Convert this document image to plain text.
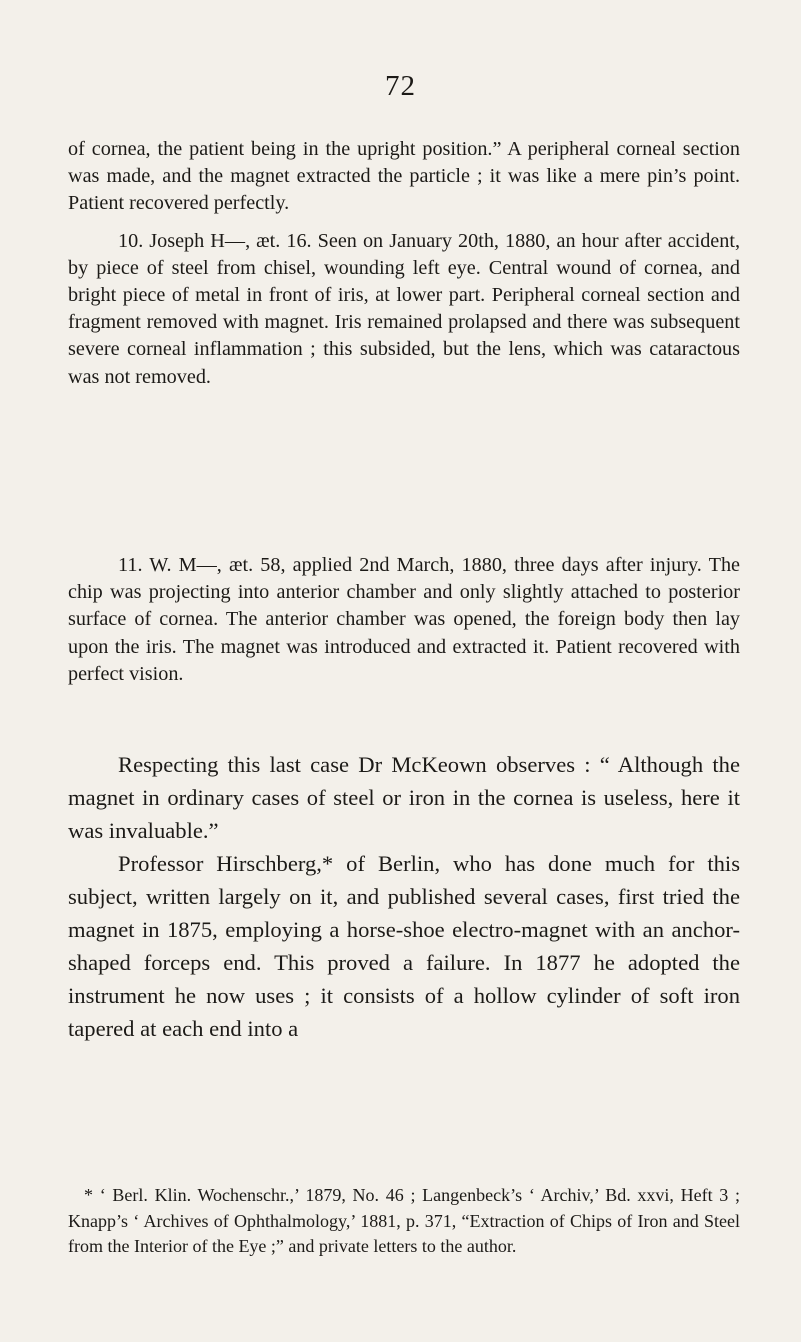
72

of cornea, the patient being in the upright position.” A peripheral corneal section was made, and the magnet extracted the particle ; it was like a mere pin’s point. Patient recovered perfectly.

10. Joseph H—, æt. 16. Seen on January 20th, 1880, an hour after accident, by piece of steel from chisel, wounding left eye. Central wound of cornea, and bright piece of metal in front of iris, at lower part. Peripheral corneal section and fragment removed with magnet. Iris remained prolapsed and there was subsequent severe corneal inflammation ; this subsided, but the lens, which was cataractous was not removed.

11. W. M—, æt. 58, applied 2nd March, 1880, three days after injury. The chip was projecting into anterior chamber and only slightly attached to posterior surface of cornea. The anterior chamber was opened, the foreign body then lay upon the iris. The magnet was introduced and extracted it. Patient recovered with perfect vision.

Respecting this last case Dr McKeown observes : “ Although the magnet in ordinary cases of steel or iron in the cornea is useless, here it was invaluable.”

Professor Hirschberg,* of Berlin, who has done much for this subject, written largely on it, and published several cases, first tried the magnet in 1875, employing a horse-shoe electro-magnet with an anchor-shaped forceps end. This proved a failure. In 1877 he adopted the instrument he now uses ; it consists of a hollow cylinder of soft iron tapered at each end into a

* ‘ Berl. Klin. Wochenschr.,’ 1879, No. 46 ; Langenbeck’s ‘ Archiv,’ Bd. xxvi, Heft 3 ; Knapp’s ‘ Archives of Ophthalmology,’ 1881, p. 371, “Extraction of Chips of Iron and Steel from the Interior of the Eye ;” and private letters to the author.
